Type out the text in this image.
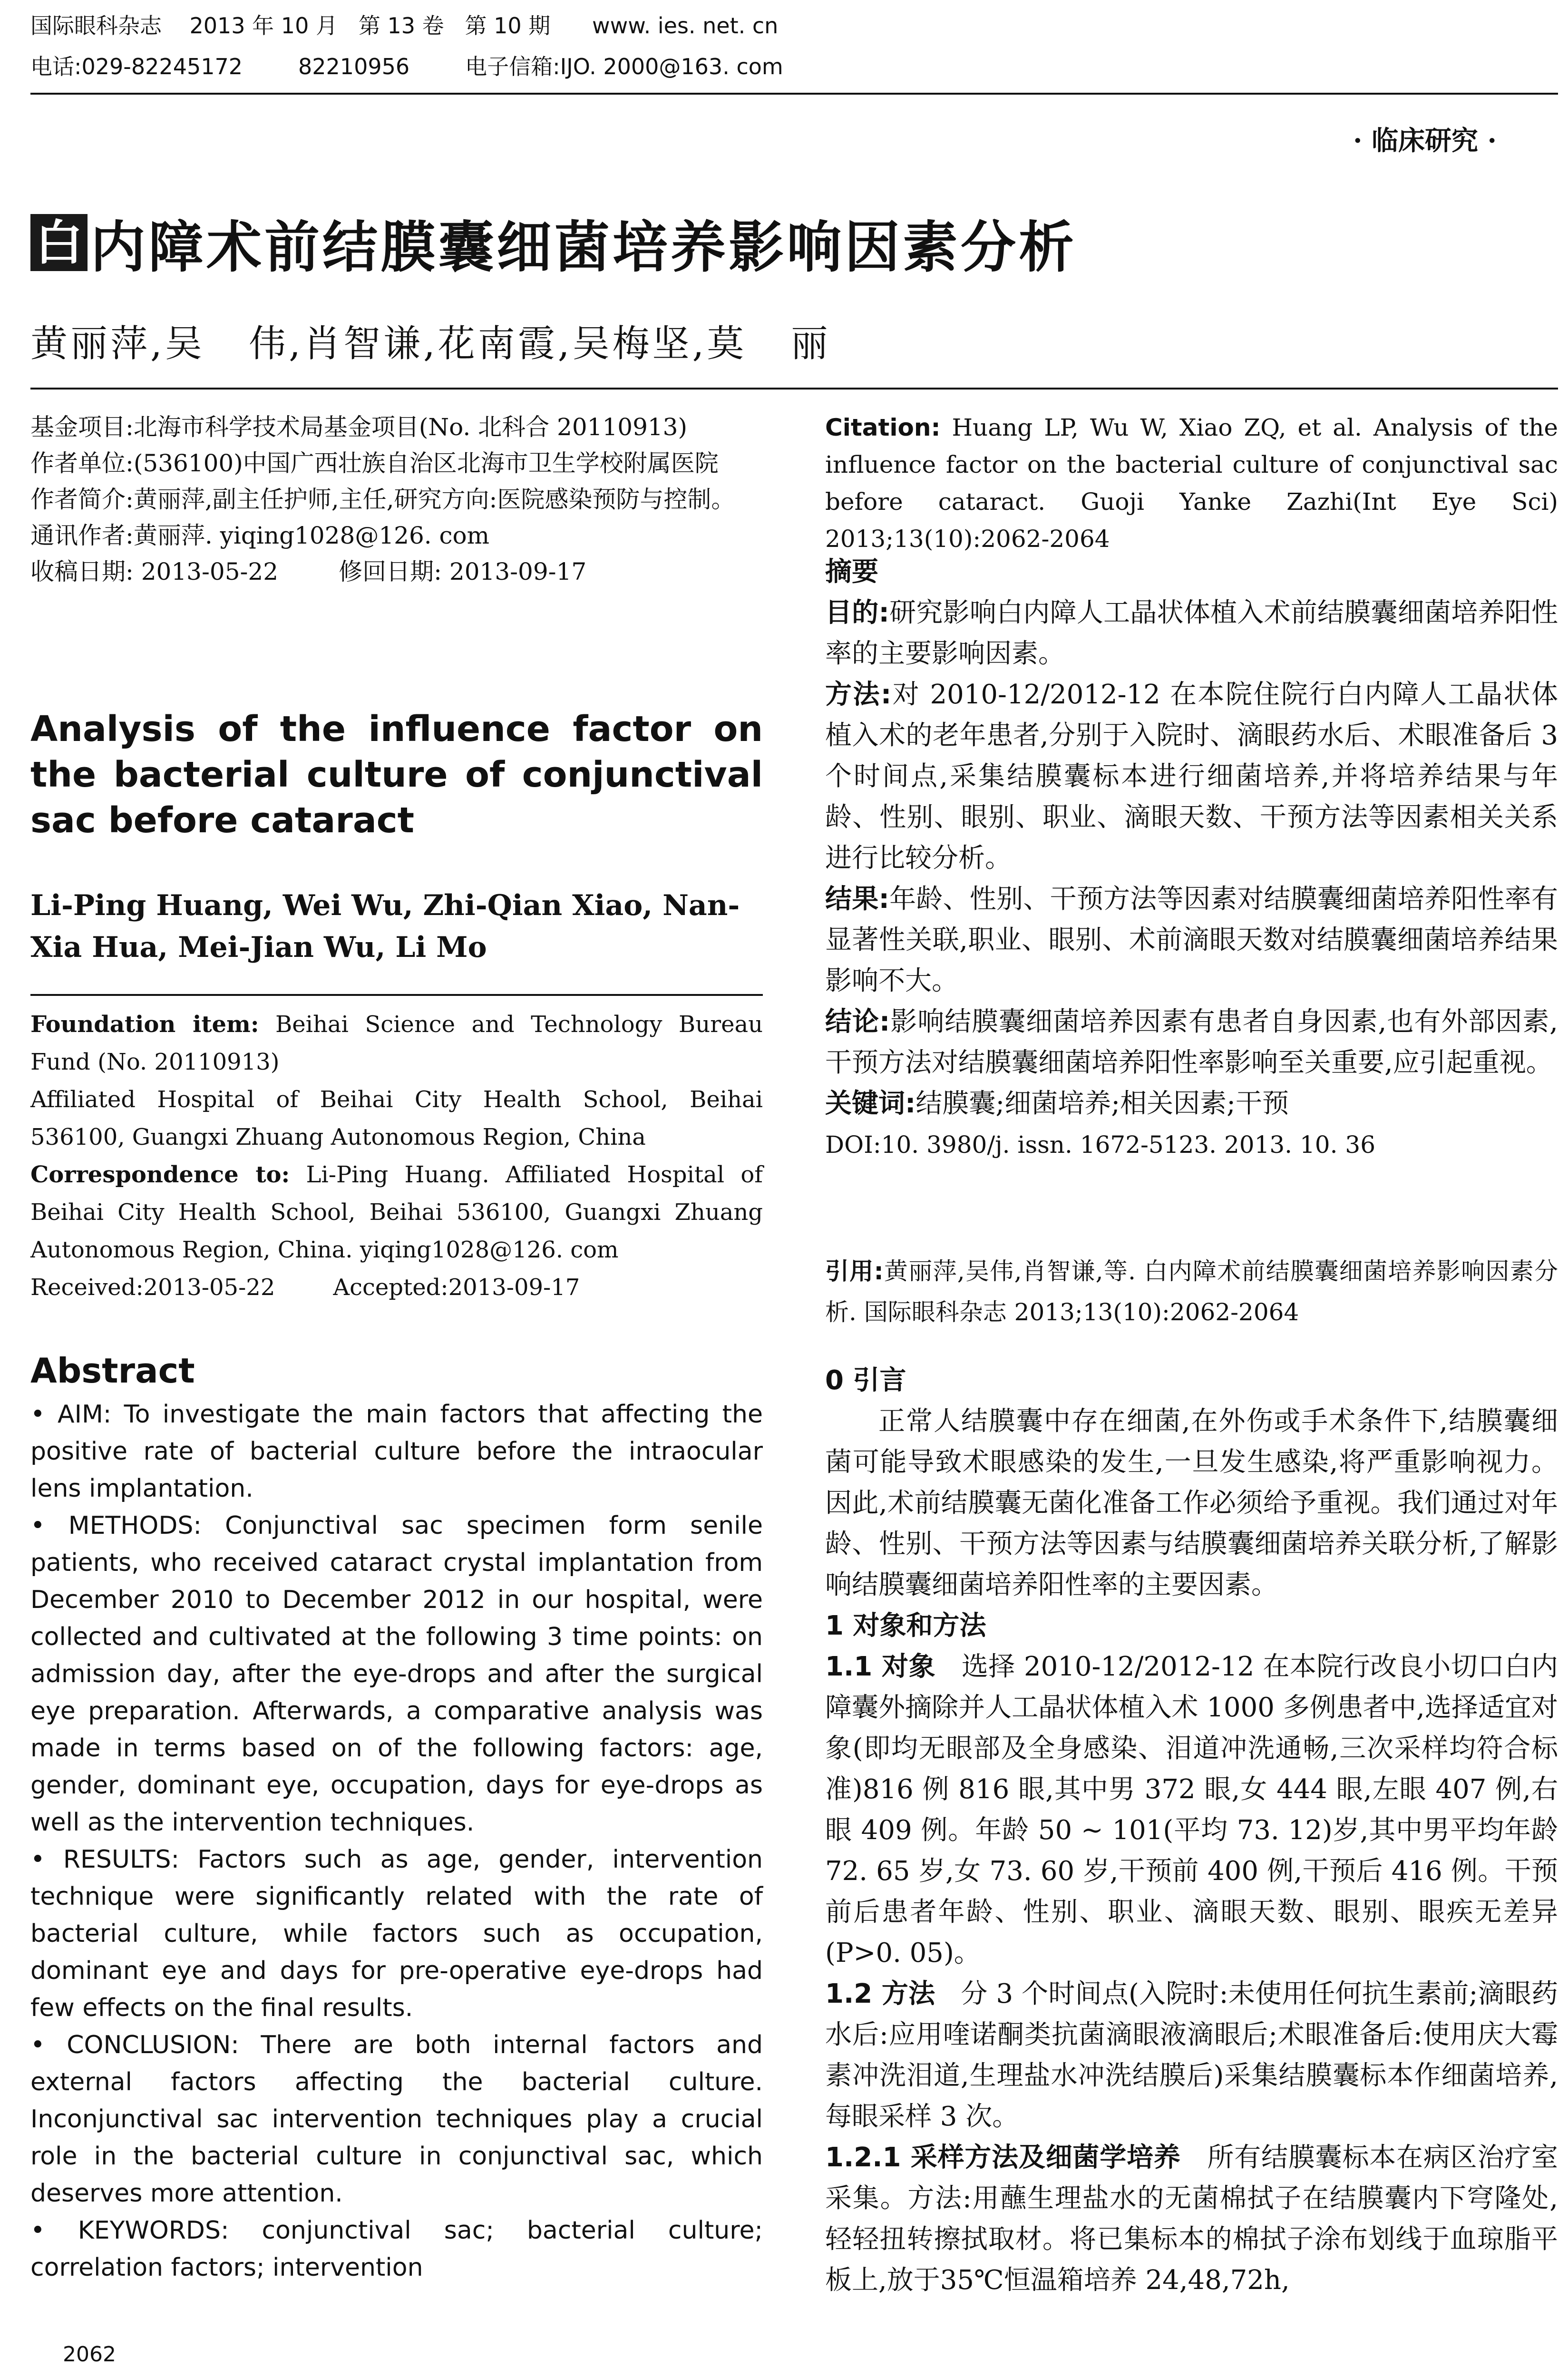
国际眼科杂志    2013 年 10 月   第 13 卷   第 10 期      www. ies. net. cn
电话:029-82245172        82210956        电子信箱:IJO. 2000@163. com
· 临床研究 ·
白 内障术前结膜囊细菌培养影响因素分析
黄丽萍,吴   伟,肖智谦,花南霞,吴梅坚,莫   丽

基金项目:北海市科学技术局基金项目(No. 北科合 20110913)

作者单位:(536100)中国广西壮族自治区北海市卫生学校附属医院

作者简介:黄丽萍,副主任护师,主任,研究方向:医院感染预防与控制。

通讯作者:黄丽萍. yiqing1028@126. com

收稿日期: 2013-05-22        修回日期: 2013-09-17

Analysis of the influence factor on the bacterial culture of conjunctival sac before cataract
Li-Ping Huang, Wei Wu, Zhi-Qian Xiao, Nan-Xia Hua, Mei-Jian Wu, Li Mo

Foundation item: Beihai Science and Technology Bureau Fund (No. 20110913)

Affiliated Hospital of Beihai City Health School, Beihai 536100, Guangxi Zhuang Autonomous Region, China

Correspondence to: Li-Ping Huang. Affiliated Hospital of Beihai City Health School, Beihai 536100, Guangxi Zhuang Autonomous Region, China. yiqing1028@126. com

Received:2013-05-22        Accepted:2013-09-17

Abstract

• AIM: To investigate the main factors that affecting the positive rate of bacterial culture before the intraocular lens implantation.

• METHODS: Conjunctival sac specimen form senile patients, who received cataract crystal implantation from December 2010 to December 2012 in our hospital, were collected and cultivated at the following 3 time points: on admission day, after the eye-drops and after the surgical eye preparation. Afterwards, a comparative analysis was made in terms based on of the following factors: age, gender, dominant eye, occupation, days for eye-drops as well as the intervention techniques.

• RESULTS: Factors such as age, gender, intervention technique were significantly related with the rate of bacterial culture, while factors such as occupation, dominant eye and days for pre-operative eye-drops had few effects on the final results.

• CONCLUSION: There are both internal factors and external factors affecting the bacterial culture. Inconjunctival sac intervention techniques play a crucial role in the bacterial culture in conjunctival sac, which deserves more attention.

• KEYWORDS: conjunctival sac; bacterial culture; correlation factors; intervention

2062
Citation: Huang LP, Wu W, Xiao ZQ, et al. Analysis of the influence factor on the bacterial culture of conjunctival sac before cataract. Guoji Yanke Zazhi(Int Eye Sci) 2013;13(10):2062-2064

摘要

目的:研究影响白内障人工晶状体植入术前结膜囊细菌培养阳性率的主要影响因素。

方法:对 2010-12/2012-12 在本院住院行白内障人工晶状体植入术的老年患者,分别于入院时、滴眼药水后、术眼准备后 3 个时间点,采集结膜囊标本进行细菌培养,并将培养结果与年龄、性别、眼别、职业、滴眼天数、干预方法等因素相关关系进行比较分析。

结果:年龄、性别、干预方法等因素对结膜囊细菌培养阳性率有显著性关联,职业、眼别、术前滴眼天数对结膜囊细菌培养结果影响不大。

结论:影响结膜囊细菌培养因素有患者自身因素,也有外部因素,干预方法对结膜囊细菌培养阳性率影响至关重要,应引起重视。

关键词:结膜囊;细菌培养;相关因素;干预

DOI:10. 3980/j. issn. 1672-5123. 2013. 10. 36

引用:黄丽萍,吴伟,肖智谦,等. 白内障术前结膜囊细菌培养影响因素分析. 国际眼科杂志 2013;13(10):2062-2064

0 引言

正常人结膜囊中存在细菌,在外伤或手术条件下,结膜囊细菌可能导致术眼感染的发生,一旦发生感染,将严重影响视力。因此,术前结膜囊无菌化准备工作必须给予重视。我们通过对年龄、性别、干预方法等因素与结膜囊细菌培养关联分析,了解影响结膜囊细菌培养阳性率的主要因素。

1 对象和方法

1.1 对象   选择 2010-12/2012-12 在本院行改良小切口白内障囊外摘除并人工晶状体植入术 1000 多例患者中,选择适宜对象(即均无眼部及全身感染、泪道冲洗通畅,三次采样均符合标准)816 例 816 眼,其中男 372 眼,女 444 眼,左眼 407 例,右眼 409 例。年龄 50 ~ 101(平均 73. 12)岁,其中男平均年龄 72. 65 岁,女 73. 60 岁,干预前 400 例,干预后 416 例。干预前后患者年龄、性别、职业、滴眼天数、眼别、眼疾无差异(P>0. 05)。

1.2 方法   分 3 个时间点(入院时:未使用任何抗生素前;滴眼药水后:应用喹诺酮类抗菌滴眼液滴眼后;术眼准备后:使用庆大霉素冲洗泪道,生理盐水冲洗结膜后)采集结膜囊标本作细菌培养,每眼采样 3 次。

1.2.1 采样方法及细菌学培养   所有结膜囊标本在病区治疗室采集。方法:用蘸生理盐水的无菌棉拭子在结膜囊内下穹隆处,轻轻扭转擦拭取材。将已集标本的棉拭子涂布划线于血琼脂平板上,放于35℃恒温箱培养 24,48,72h,
